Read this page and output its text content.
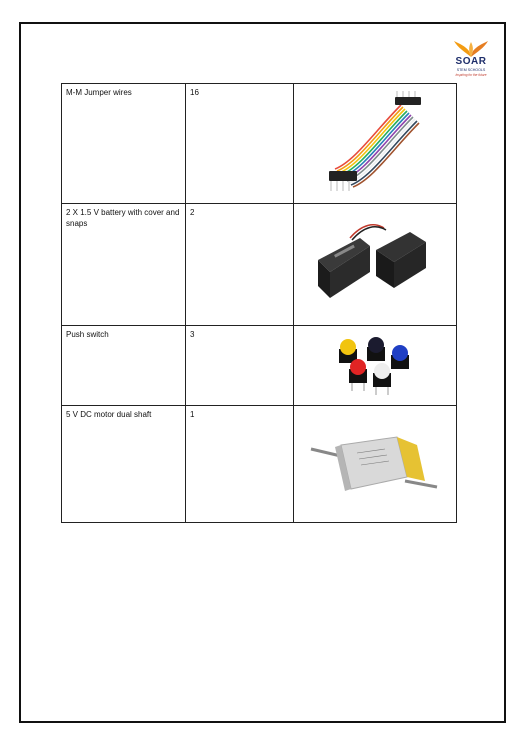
SOAR
STEM SCHOOLS
Inspiring for the future
M-M Jumper wires	16	

2 X 1.5 V battery with cover and snaps	2	

Push switch	3	

5 V DC motor dual shaft	1	
